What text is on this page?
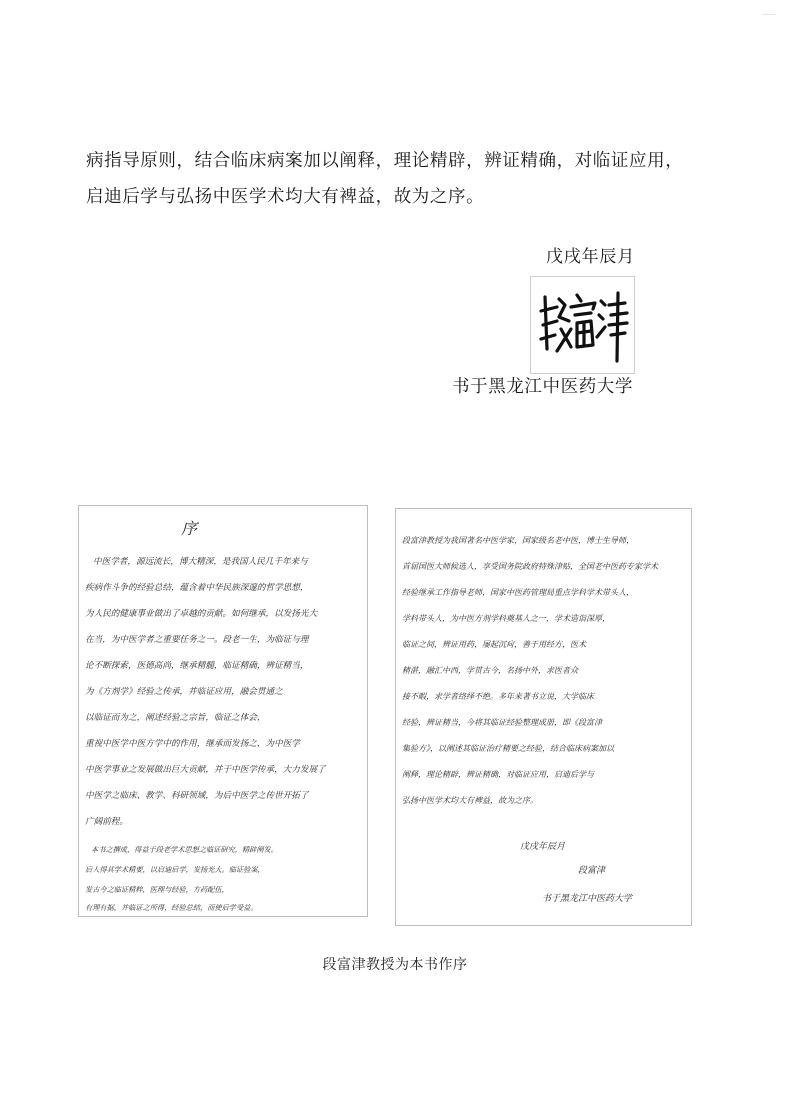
病指导原则，结合临床病案加以阐释，理论精辟，辨证精确，对临证应用，
启迪后学与弘扬中医学术均大有裨益，故为之序。
戊戌年辰月
书于黑龙江中医药大学
序
中医学者，源远流长，博大精深，是我国人民几千年来与
疾病作斗争的经验总结，蕴含着中华民族深邃的哲学思想，
为人民的健康事业做出了卓越的贡献。如何继承，以发扬光大
在当，为中医学者之重要任务之一。段老一生，为临证与理
论不断探索，医德高尚，继承精髓，临证精确，辨证精当，
为《方剂学》经验之传承，并临证应用，融会贯通之
以临证而为之，阐述经验之宗旨，临证之体会，
重视中医学中医方学中的作用，继承而发扬之，为中医学
中医学事业之发展做出巨大贡献，并于中医学传承，大力发展了
中医学之临床、教学、科研领域，为后中医学之传世开拓了
广阔前程。
本书之撰成，得益于段老学术思想之临证研究，精辟阐发。
后人得其学术精要，以启迪后学，发扬光大。临证验案，
发古今之临证精粹，医理与经验，方药配伍，
有理有据，并临证之所得，经验总结，而使后学受益。
段富津教授为我国著名中医学家，国家级名老中医，博士生导师，
首届国医大师候选人，享受国务院政府特殊津贴，全国老中医药专家学术
经验继承工作指导老师，国家中医药管理局重点学科学术带头人，
学科带头人，为中医方剂学科奠基人之一，学术造诣深厚，
临证之间，辨证用药，屡起沉疴，善于用经方，医术
精湛，融汇中西，学贯古今，名扬中外，求医者众
接不暇，求学者络绎不绝。多年来著书立说，大学临床
经验，辨证精当，今将其临证经验整理成册，即《段富津
集验方》，以阐述其临证治疗精要之经验，结合临床病案加以
阐释，理论精辟，辨证精确，对临证应用，启迪后学与
弘扬中医学术均大有裨益，故为之序。
戊戌年辰月
段富津
书于黑龙江中医药大学
段富津教授为本书作序
